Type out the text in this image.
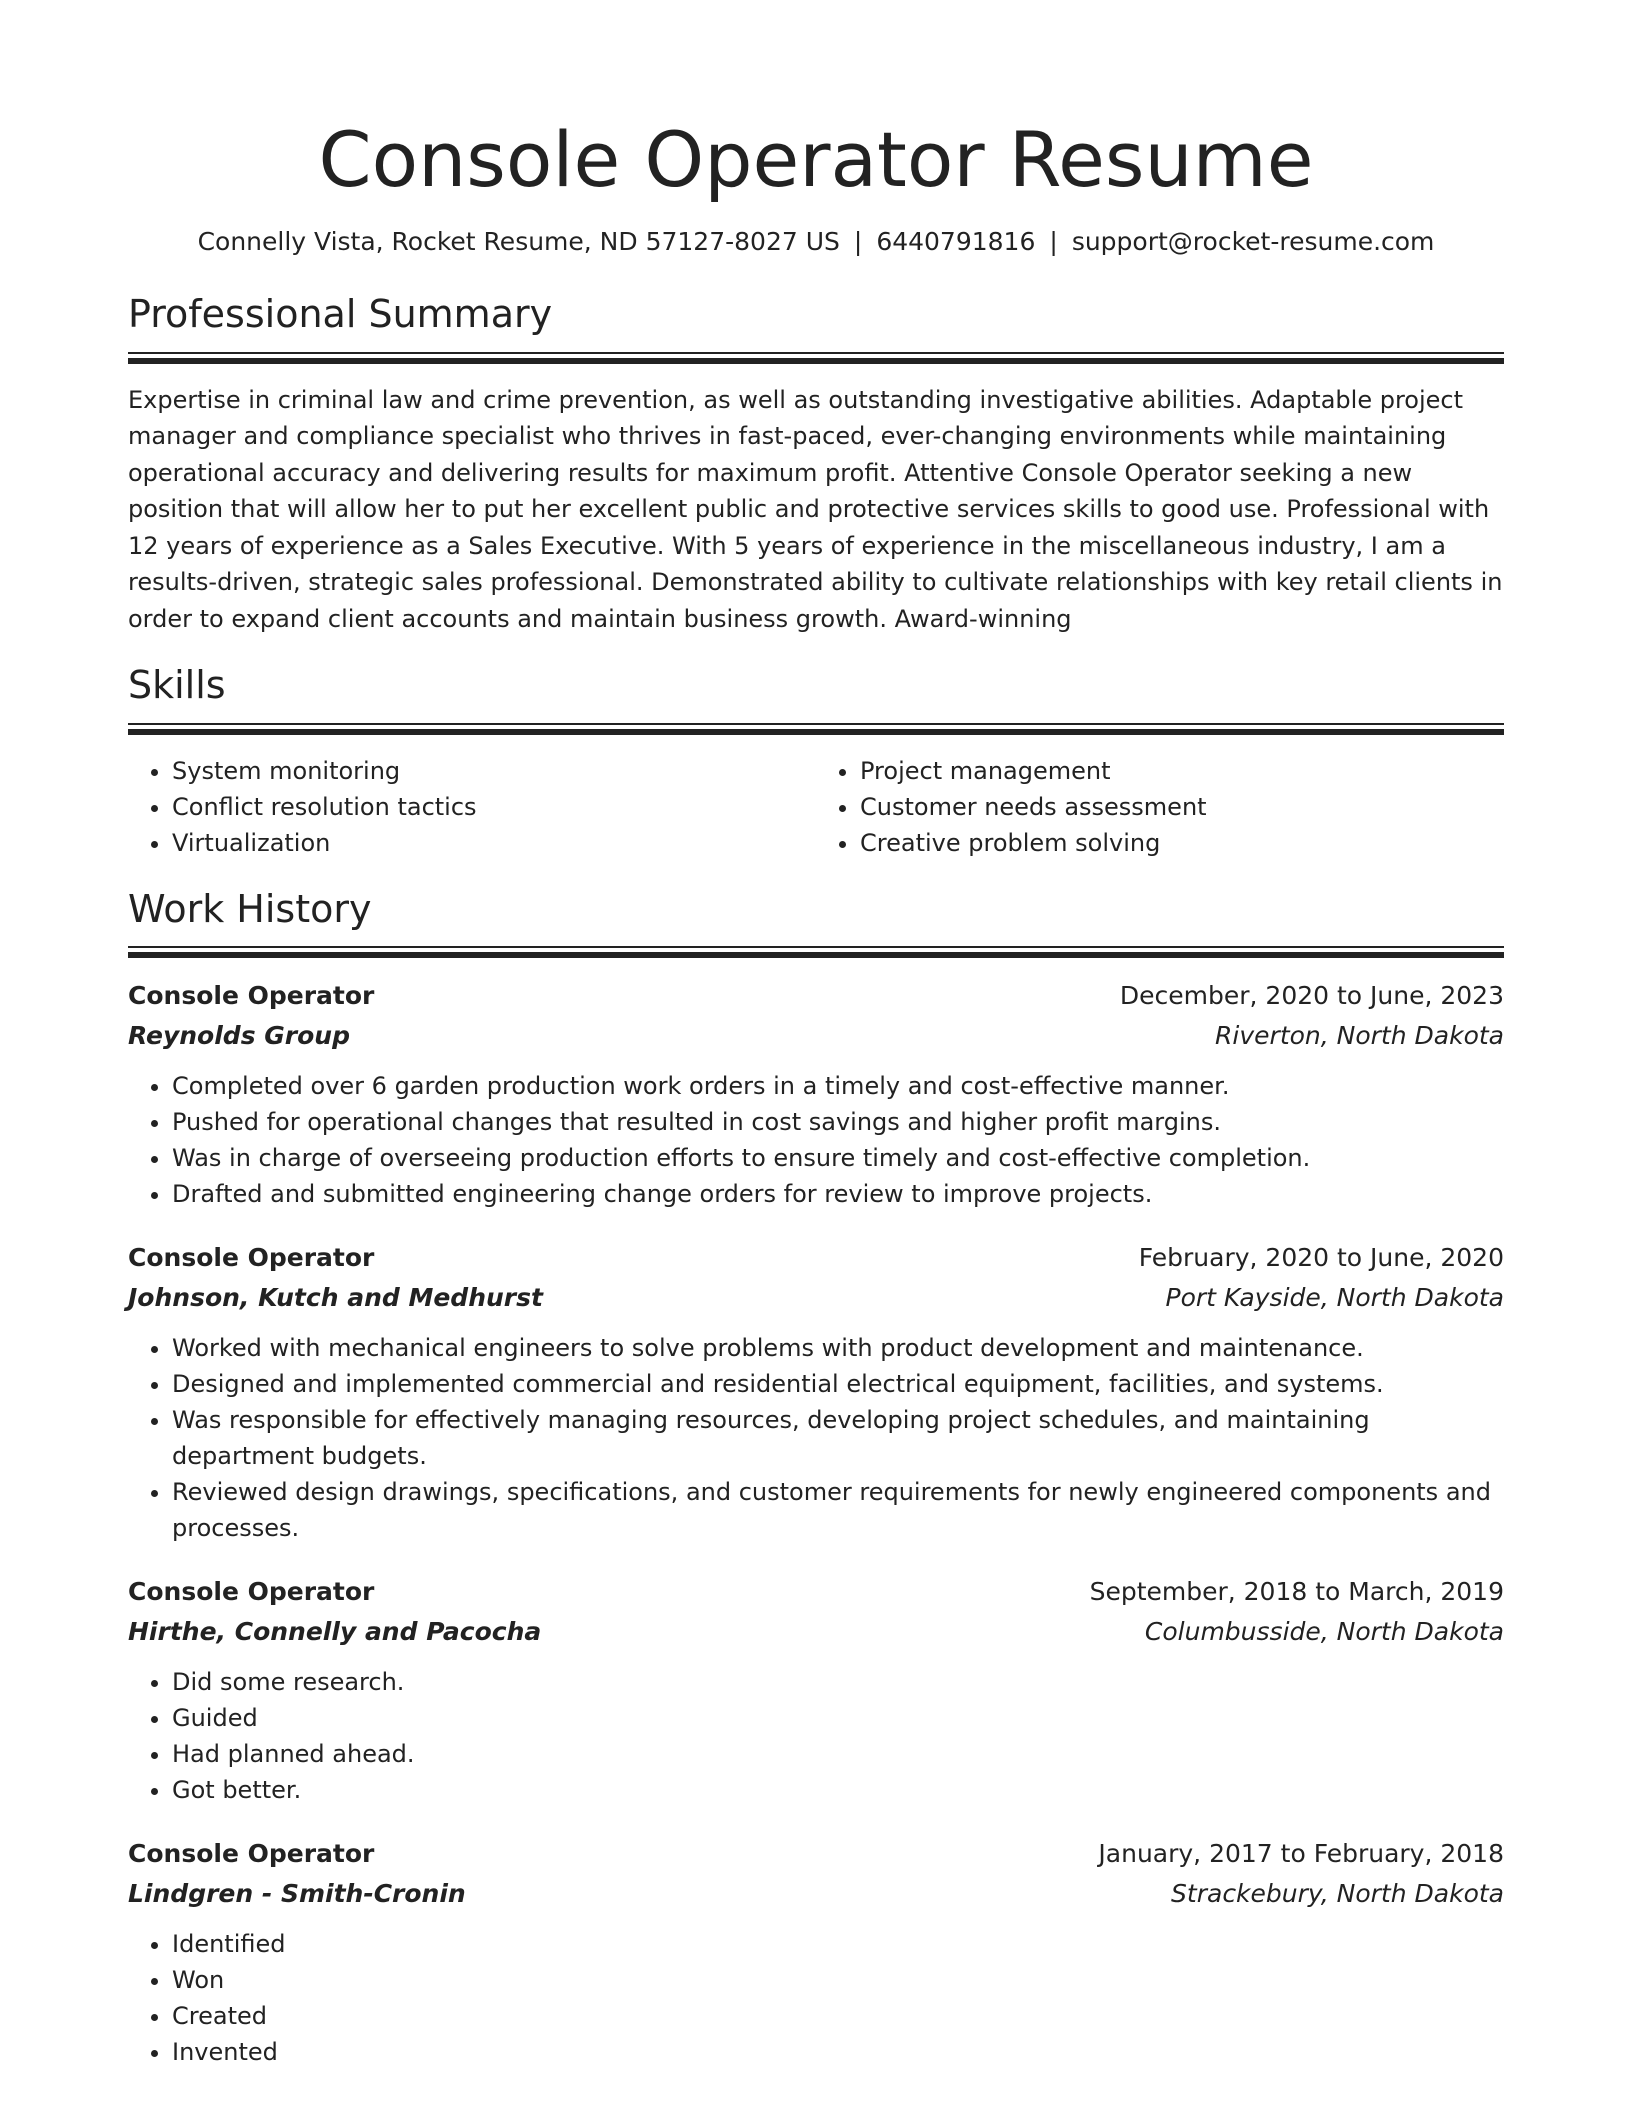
Console Operator Resume
Connelly Vista, Rocket Resume, ND 57127-8027 US | 6440791816 | support@rocket-resume.com
Professional Summary

Expertise in criminal law and crime prevention, as well as outstanding investigative abilities. Adaptable project manager and compliance specialist who thrives in fast-paced, ever-changing environments while maintaining operational accuracy and delivering results for maximum profit. Attentive Console Operator seeking a new position that will allow her to put her excellent public and protective services skills to good use. Professional with 12 years of experience as a Sales Executive. With 5 years of experience in the miscellaneous industry, I am a results-driven, strategic sales professional. Demonstrated ability to cultivate relationships with key retail clients in order to expand client accounts and maintain business growth. Award-winning

Skills
• System monitoring
• Conflict resolution tactics
• Virtualization
• Project management
• Customer needs assessment
• Creative problem solving
Work History
Console Operator	December, 2020 to June, 2023
Reynolds Group	Riverton, North Dakota
• Completed over 6 garden production work orders in a timely and cost-effective manner.
• Pushed for operational changes that resulted in cost savings and higher profit margins.
• Was in charge of overseeing production efforts to ensure timely and cost-effective completion.
• Drafted and submitted engineering change orders for review to improve projects.
Console Operator	February, 2020 to June, 2020
Johnson, Kutch and Medhurst	Port Kayside, North Dakota
• Worked with mechanical engineers to solve problems with product development and maintenance.
• Designed and implemented commercial and residential electrical equipment, facilities, and systems.
• Was responsible for effectively managing resources, developing project schedules, and maintaining department budgets.
• Reviewed design drawings, specifications, and customer requirements for newly engineered components and processes.
Console Operator	September, 2018 to March, 2019
Hirthe, Connelly and Pacocha	Columbusside, North Dakota
• Did some research.
• Guided
• Had planned ahead.
• Got better.
Console Operator	January, 2017 to February, 2018
Lindgren - Smith-Cronin	Strackebury, North Dakota
• Identified
• Won
• Created
• Invented
